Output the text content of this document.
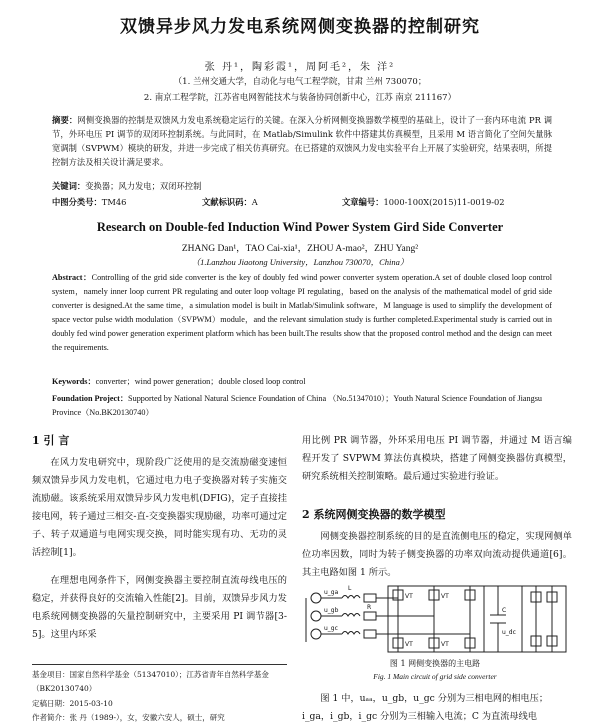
双馈异步风力发电系统网侧变换器的控制研究
张 丹¹，陶彩霞¹，周阿毛²，朱 洋²
（1. 兰州交通大学，自动化与电气工程学院，甘肃 兰州 730070；
2. 南京工程学院，江苏省电网智能技术与装备协同创新中心，江苏 南京 211167）
摘要：网侧变换器的控制是双馈风力发电系统稳定运行的关键。在深入分析网侧变换器数学模型的基础上，设计了一套内环电流 PR 调节，外环电压 PI 调节的双闭环控制系统。与此同时，在 Matlab/Simulink 软件中搭建其仿真模型，且采用 M 语言简化了空间矢量脉宽调制（SVPWM）模块的研发，并进一步完成了相关仿真研究。在已搭建的双馈风力发电实验平台上开展了实验研究，结果表明，所提控制方法及相关设计满足要求。
关键词：变换器；风力发电；双闭环控制
中图分类号：TM46	文献标识码：A	文章编号：1000-100X(2015)11-0019-02
Research on Double-fed Induction Wind Power System Gird Side Converter
ZHANG Dan¹，TAO Cai-xia¹，ZHOU A-mao²，ZHU Yang²
（1.Lanzhou Jiaotong University，Lanzhou 730070，China）
Abstract：Controlling of the grid side converter is the key of doubly fed wind power converter system operation.A set of double closed loop control system，namely inner loop current PR regulating and outer loop voltage PI regulating，based on the analysis of the mathematical model of grid side converter is designed.At the same time，a simulation model is built in Matlab/Simulink software，M language is used to simplify the development of space vector pulse width modulation（SVPWM）module，and the relevant simulation study is further completed.Experimental study is carried out in doubly fed wind power generation experiment platform which has been built.The results show that the proposed control method and the design can meet the requirements.
Keywords：converter；wind power generation；double closed loop control
Foundation Project：Supported by National Natural Science Foundation of China （No.51347010）；Youth Natural Science Foundation of Jiangsu Province（No.BK20130740）
1 引 言
在风力发电研究中，现阶段广泛使用的是交流励磁变速恒频双馈异步风力发电机，它通过电力电子变换器对转子实施交流励磁。该系统采用双馈异步风力发电机(DFIG)，定子直接挂接电网，转子通过三相交-直-交变换器实现励磁，功率可通过定子、转子双通道与电网实现交换，同时能实现有功、无功的灵活控制[1]。
在理想电网条件下，网侧变换器主要控制直流母线电压的稳定，并获得良好的交流输入性能[2]。目前，双馈异步风力发电系统网侧变换器的矢量控制研究中，主要采用 PI 调节器[3-5]。这里内环采
基金项目：国家自然科学基金（51347010）；江苏省青年自然科学基金（BK20130740）
定稿日期：2015-03-10
作者简介：张 丹（1989-），女，安徽六安人，硕士，研究
用比例 PR 调节器，外环采用电压 PI 调节器，并通过 M 语言编程开发了 SVPWM 算法仿真模块，搭建了网侧变换器仿真模型，研究系统相关控制策略。最后通过实验进行验证。
2 系统网侧变换器的数学模型
网侧变换器控制系统的目的是直流侧电压的稳定，实现网侧单位功率因数，同时为转子侧变换器的功率双向流动提供通道[6]。其主电路如图 1 所示。
u_ga
u_gb
u_gc
L
R
VT	VT
VT	VT
C
u_dc
图 1 网侧变换器的主电路
Fig. 1 Main circuit of grid side converter
图 1 中，uₐₐ，u_gb，u_gc 分别为三相电网的相电压；
i_ga，i_gb，i_gc 分别为三相输入电流；C 为直流母线电
